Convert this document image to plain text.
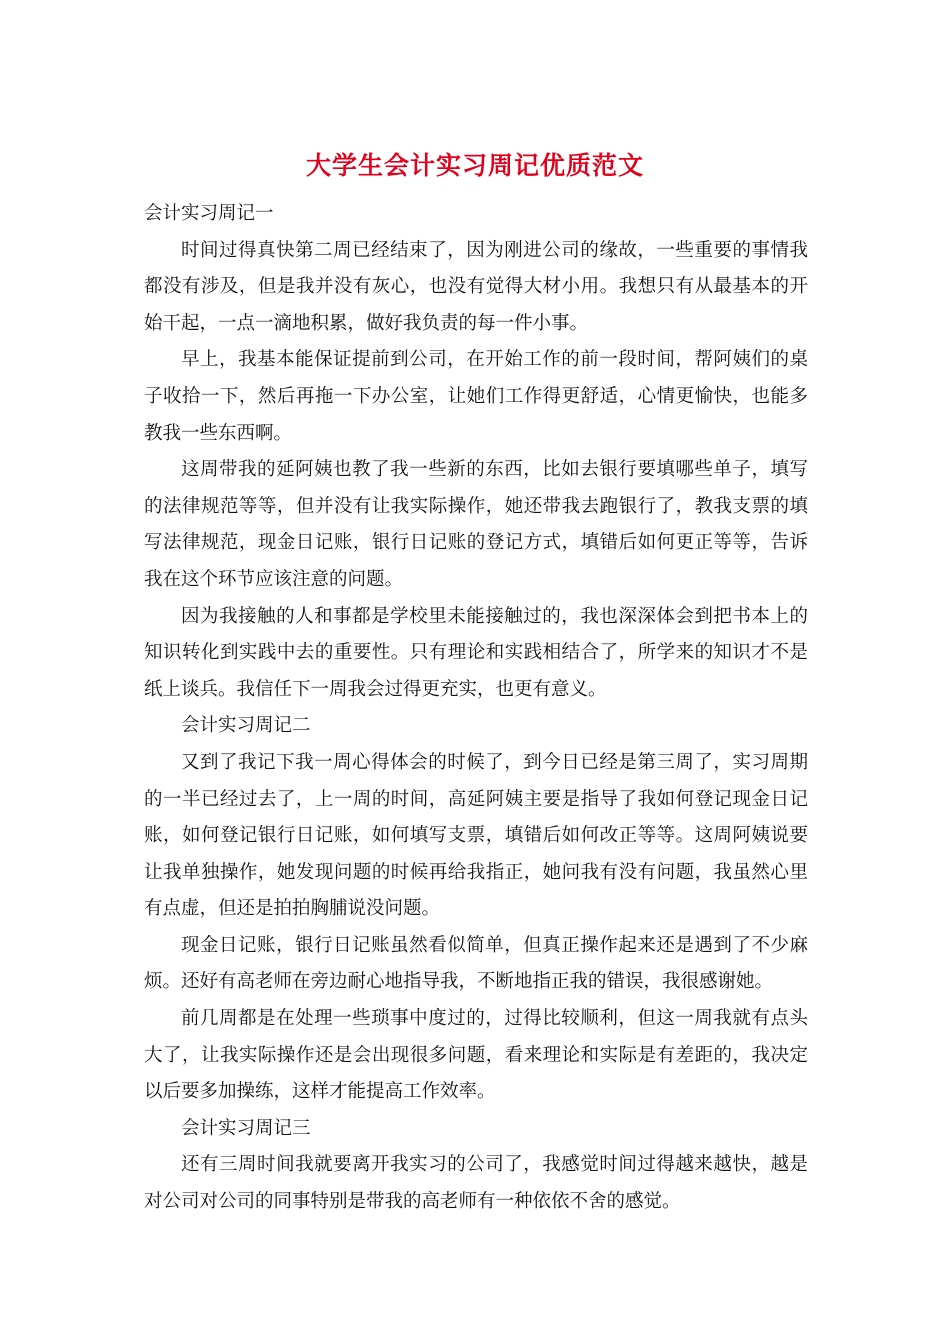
大学生会计实习周记优质范文

会计实习周记一

时间过得真快第二周已经结束了，因为刚进公司的缘故，一些重要的事情我都没有涉及，但是我并没有灰心，也没有觉得大材小用。我想只有从最基本的开始干起，一点一滴地积累，做好我负责的每一件小事。

早上，我基本能保证提前到公司，在开始工作的前一段时间，帮阿姨们的桌子收拾一下，然后再拖一下办公室，让她们工作得更舒适，心情更愉快，也能多教我一些东西啊。

这周带我的延阿姨也教了我一些新的东西，比如去银行要填哪些单子，填写的法律规范等等，但并没有让我实际操作，她还带我去跑银行了，教我支票的填写法律规范，现金日记账，银行日记账的登记方式，填错后如何更正等等，告诉我在这个环节应该注意的问题。

因为我接触的人和事都是学校里未能接触过的，我也深深体会到把书本上的知识转化到实践中去的重要性。只有理论和实践相结合了，所学来的知识才不是纸上谈兵。我信任下一周我会过得更充实，也更有意义。

会计实习周记二

又到了我记下我一周心得体会的时候了，到今日已经是第三周了，实习周期的一半已经过去了，上一周的时间，高延阿姨主要是指导了我如何登记现金日记账，如何登记银行日记账，如何填写支票，填错后如何改正等等。这周阿姨说要让我单独操作，她发现问题的时候再给我指正，她问我有没有问题，我虽然心里有点虚，但还是拍拍胸脯说没问题。

现金日记账，银行日记账虽然看似简单，但真正操作起来还是遇到了不少麻烦。还好有高老师在旁边耐心地指导我，不断地指正我的错误，我很感谢她。

前几周都是在处理一些琐事中度过的，过得比较顺利，但这一周我就有点头大了，让我实际操作还是会出现很多问题，看来理论和实际是有差距的，我决定以后要多加操练，这样才能提高工作效率。

会计实习周记三

还有三周时间我就要离开我实习的公司了，我感觉时间过得越来越快，越是对公司对公司的同事特别是带我的高老师有一种依依不舍的感觉。
